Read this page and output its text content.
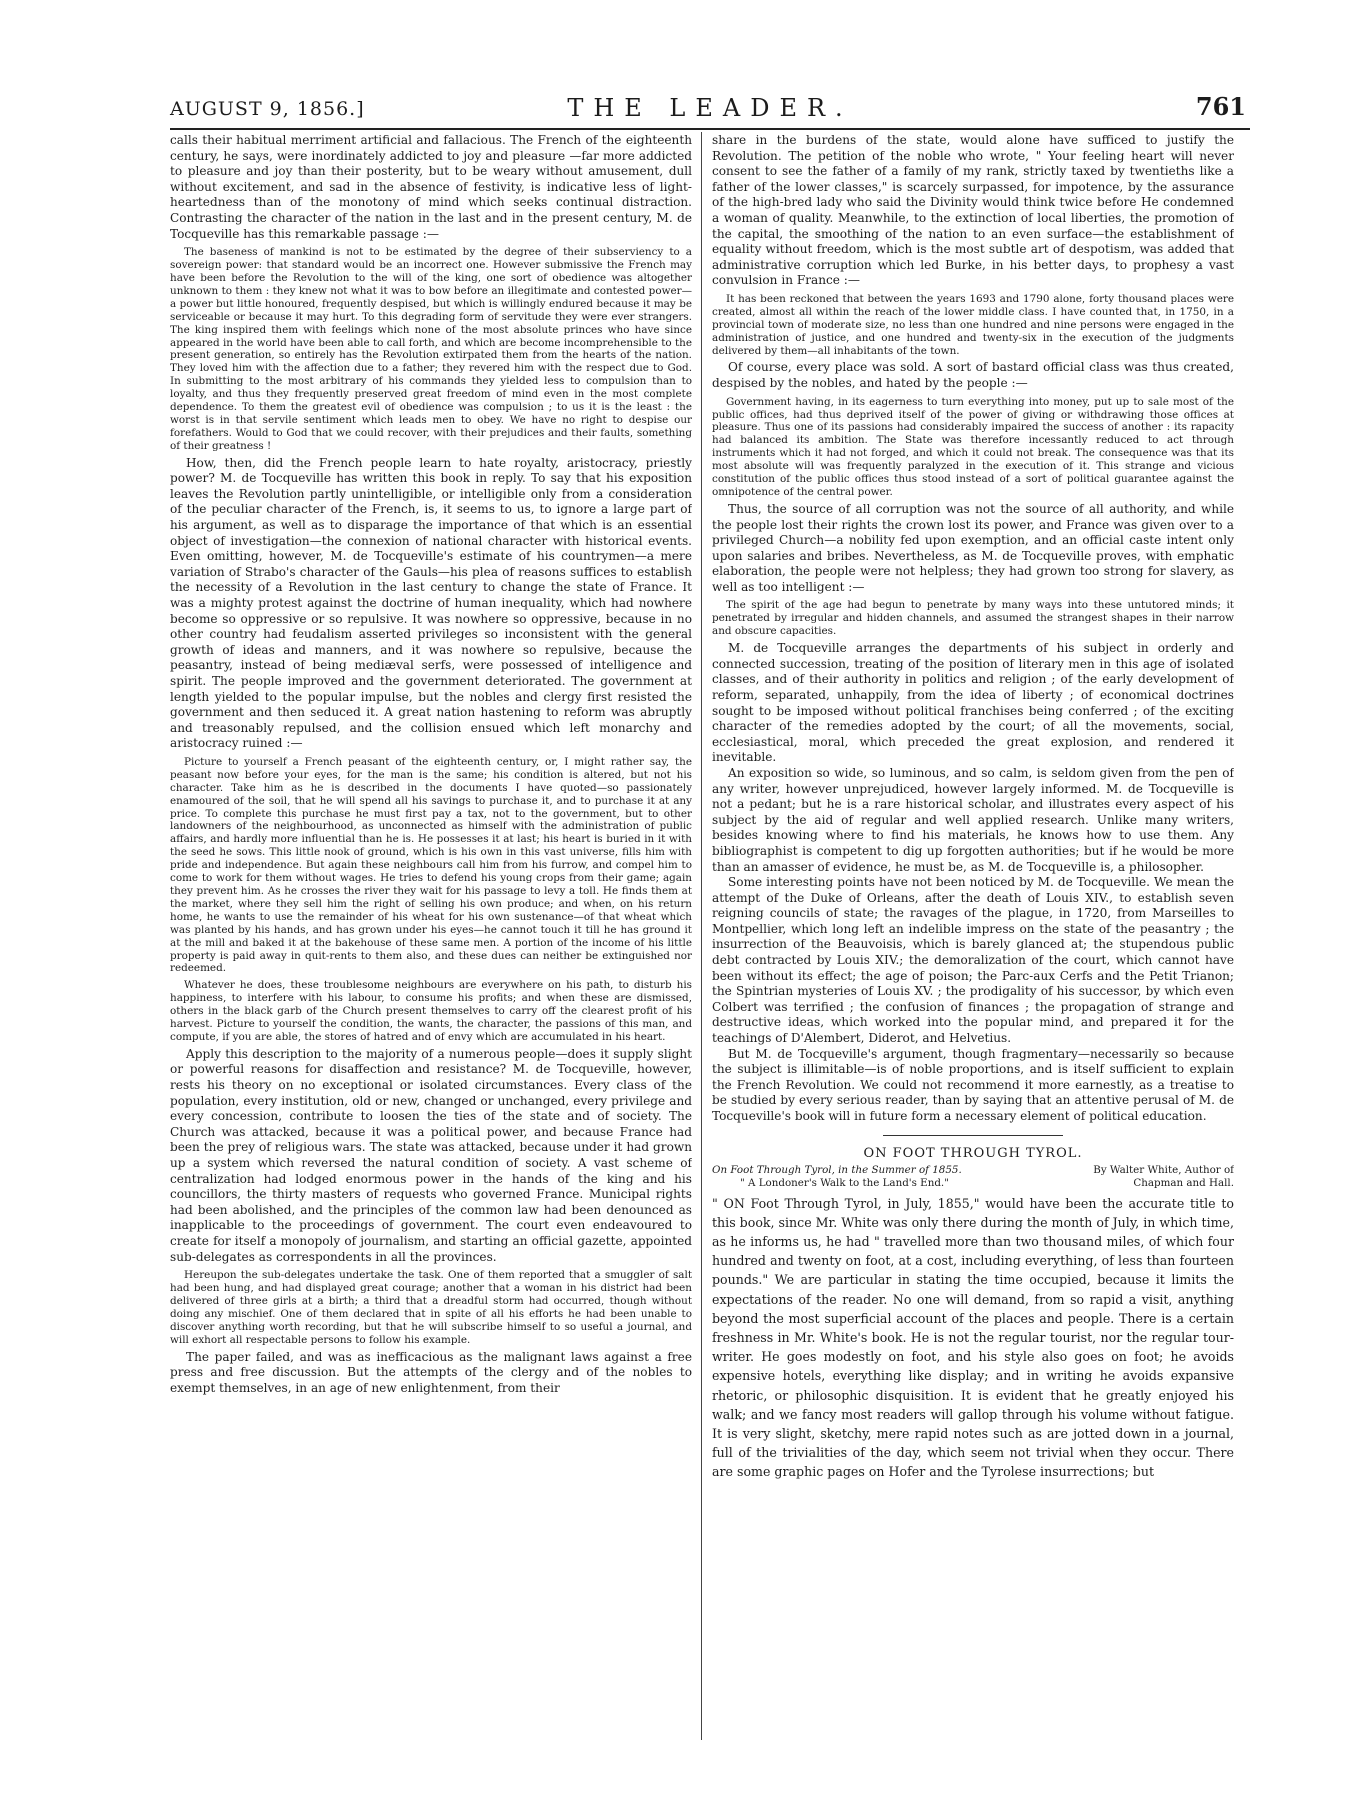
AUGUST 9, 1856.]	THE LEADER.	761

calls their habitual merriment artificial and fallacious. The French of the eighteenth century, he says, were inordinately addicted to joy and pleasure —far more addicted to pleasure and joy than their posterity, but to be weary without amusement, dull without excitement, and sad in the absence of festivity, is indicative less of light-heartedness than of the monotony of mind which seeks continual distraction. Contrasting the character of the nation in the last and in the present century, M. de Tocqueville has this remarkable passage :—

The baseness of mankind is not to be estimated by the degree of their subserviency to a sovereign power: that standard would be an incorrect one. However submissive the French may have been before the Revolution to the will of the king, one sort of obedience was altogether unknown to them : they knew not what it was to bow before an illegitimate and contested power—a power but little honoured, frequently despised, but which is willingly endured because it may be serviceable or because it may hurt. To this degrading form of servitude they were ever strangers. The king inspired them with feelings which none of the most absolute princes who have since appeared in the world have been able to call forth, and which are become incomprehensible to the present generation, so entirely has the Revolution extirpated them from the hearts of the nation. They loved him with the affection due to a father; they revered him with the respect due to God. In submitting to the most arbitrary of his commands they yielded less to compulsion than to loyalty, and thus they frequently preserved great freedom of mind even in the most complete dependence. To them the greatest evil of obedience was compulsion ; to us it is the least : the worst is in that servile sentiment which leads men to obey. We have no right to despise our forefathers. Would to God that we could recover, with their prejudices and their faults, something of their greatness !

How, then, did the French people learn to hate royalty, aristocracy, priestly power? M. de Tocqueville has written this book in reply. To say that his exposition leaves the Revolution partly unintelligible, or intelligible only from a consideration of the peculiar character of the French, is, it seems to us, to ignore a large part of his argument, as well as to disparage the importance of that which is an essential object of investigation—the connexion of national character with historical events. Even omitting, however, M. de Tocqueville's estimate of his countrymen—a mere variation of Strabo's character of the Gauls—his plea of reasons suffices to establish the necessity of a Revolution in the last century to change the state of France. It was a mighty protest against the doctrine of human inequality, which had nowhere become so oppressive or so repulsive. It was nowhere so oppressive, because in no other country had feudalism asserted privileges so inconsistent with the general growth of ideas and manners, and it was nowhere so repulsive, because the peasantry, instead of being mediæval serfs, were possessed of intelligence and spirit. The people improved and the government deteriorated. The government at length yielded to the popular impulse, but the nobles and clergy first resisted the government and then seduced it. A great nation hastening to reform was abruptly and treasonably repulsed, and the collision ensued which left monarchy and aristocracy ruined :—

Picture to yourself a French peasant of the eighteenth century, or, I might rather say, the peasant now before your eyes, for the man is the same; his condition is altered, but not his character. Take him as he is described in the documents I have quoted—so passionately enamoured of the soil, that he will spend all his savings to purchase it, and to purchase it at any price. To complete this purchase he must first pay a tax, not to the government, but to other landowners of the neighbourhood, as unconnected as himself with the administration of public affairs, and hardly more influential than he is. He possesses it at last; his heart is buried in it with the seed he sows. This little nook of ground, which is his own in this vast universe, fills him with pride and independence. But again these neighbours call him from his furrow, and compel him to come to work for them without wages. He tries to defend his young crops from their game; again they prevent him. As he crosses the river they wait for his passage to levy a toll. He finds them at the market, where they sell him the right of selling his own produce; and when, on his return home, he wants to use the remainder of his wheat for his own sustenance—of that wheat which was planted by his hands, and has grown under his eyes—he cannot touch it till he has ground it at the mill and baked it at the bakehouse of these same men. A portion of the income of his little property is paid away in quit-rents to them also, and these dues can neither be extinguished nor redeemed.

Whatever he does, these troublesome neighbours are everywhere on his path, to disturb his happiness, to interfere with his labour, to consume his profits; and when these are dismissed, others in the black garb of the Church present themselves to carry off the clearest profit of his harvest. Picture to yourself the condition, the wants, the character, the passions of this man, and compute, if you are able, the stores of hatred and of envy which are accumulated in his heart.

Apply this description to the majority of a numerous people—does it supply slight or powerful reasons for disaffection and resistance? M. de Tocqueville, however, rests his theory on no exceptional or isolated circumstances. Every class of the population, every institution, old or new, changed or unchanged, every privilege and every concession, contribute to loosen the ties of the state and of society. The Church was attacked, because it was a political power, and because France had been the prey of religious wars. The state was attacked, because under it had grown up a system which reversed the natural condition of society. A vast scheme of centralization had lodged enormous power in the hands of the king and his councillors, the thirty masters of requests who governed France. Municipal rights had been abolished, and the principles of the common law had been denounced as inapplicable to the proceedings of government. The court even endeavoured to create for itself a monopoly of journalism, and starting an official gazette, appointed sub-delegates as correspondents in all the provinces.

Hereupon the sub-delegates undertake the task. One of them reported that a smuggler of salt had been hung, and had displayed great courage; another that a woman in his district had been delivered of three girls at a birth; a third that a dreadful storm had occurred, though without doing any mischief. One of them declared that in spite of all his efforts he had been unable to discover anything worth recording, but that he will subscribe himself to so useful a journal, and will exhort all respectable persons to follow his example.

The paper failed, and was as inefficacious as the malignant laws against a free press and free discussion. But the attempts of the clergy and of the nobles to exempt themselves, in an age of new enlightenment, from their

share in the burdens of the state, would alone have sufficed to justify the Revolution. The petition of the noble who wrote, " Your feeling heart will never consent to see the father of a family of my rank, strictly taxed by twentieths like a father of the lower classes," is scarcely surpassed, for impotence, by the assurance of the high-bred lady who said the Divinity would think twice before He condemned a woman of quality. Meanwhile, to the extinction of local liberties, the promotion of the capital, the smoothing of the nation to an even surface—the establishment of equality without freedom, which is the most subtle art of despotism, was added that administrative corruption which led Burke, in his better days, to prophesy a vast convulsion in France :—

It has been reckoned that between the years 1693 and 1790 alone, forty thousand places were created, almost all within the reach of the lower middle class. I have counted that, in 1750, in a provincial town of moderate size, no less than one hundred and nine persons were engaged in the administration of justice, and one hundred and twenty-six in the execution of the judgments delivered by them—all inhabitants of the town.

Of course, every place was sold. A sort of bastard official class was thus created, despised by the nobles, and hated by the people :—

Government having, in its eagerness to turn everything into money, put up to sale most of the public offices, had thus deprived itself of the power of giving or withdrawing those offices at pleasure. Thus one of its passions had considerably impaired the success of another : its rapacity had balanced its ambition. The State was therefore incessantly reduced to act through instruments which it had not forged, and which it could not break. The consequence was that its most absolute will was frequently paralyzed in the execution of it. This strange and vicious constitution of the public offices thus stood instead of a sort of political guarantee against the omnipotence of the central power.

Thus, the source of all corruption was not the source of all authority, and while the people lost their rights the crown lost its power, and France was given over to a privileged Church—a nobility fed upon exemption, and an official caste intent only upon salaries and bribes. Nevertheless, as M. de Tocqueville proves, with emphatic elaboration, the people were not helpless; they had grown too strong for slavery, as well as too intelligent :—

The spirit of the age had begun to penetrate by many ways into these untutored minds; it penetrated by irregular and hidden channels, and assumed the strangest shapes in their narrow and obscure capacities.

M. de Tocqueville arranges the departments of his subject in orderly and connected succession, treating of the position of literary men in this age of isolated classes, and of their authority in politics and religion ; of the early development of reform, separated, unhappily, from the idea of liberty ; of economical doctrines sought to be imposed without political franchises being conferred ; of the exciting character of the remedies adopted by the court; of all the movements, social, ecclesiastical, moral, which preceded the great explosion, and rendered it inevitable.

An exposition so wide, so luminous, and so calm, is seldom given from the pen of any writer, however unprejudiced, however largely informed. M. de Tocqueville is not a pedant; but he is a rare historical scholar, and illustrates every aspect of his subject by the aid of regular and well applied research. Unlike many writers, besides knowing where to find his materials, he knows how to use them. Any bibliographist is competent to dig up forgotten authorities; but if he would be more than an amasser of evidence, he must be, as M. de Tocqueville is, a philosopher.

Some interesting points have not been noticed by M. de Tocqueville. We mean the attempt of the Duke of Orleans, after the death of Louis XIV., to establish seven reigning councils of state; the ravages of the plague, in 1720, from Marseilles to Montpellier, which long left an indelible impress on the state of the peasantry ; the insurrection of the Beauvoisis, which is barely glanced at; the stupendous public debt contracted by Louis XIV.; the demoralization of the court, which cannot have been without its effect; the age of poison; the Parc-aux Cerfs and the Petit Trianon; the Spintrian mysteries of Louis XV. ; the prodigality of his successor, by which even Colbert was terrified ; the confusion of finances ; the propagation of strange and destructive ideas, which worked into the popular mind, and prepared it for the teachings of D'Alembert, Diderot, and Helvetius.

But M. de Tocqueville's argument, though fragmentary—necessarily so because the subject is illimitable—is of noble proportions, and is itself sufficient to explain the French Revolution. We could not recommend it more earnestly, as a treatise to be studied by every serious reader, than by saying that an attentive perusal of M. de Tocqueville's book will in future form a necessary element of political education.

ON FOOT THROUGH TYROL.
On Foot Through Tyrol, in the Summer of 1855.	By Walter White, Author of
" A Londoner's Walk to the Land's End."	Chapman and Hall.

" ON Foot Through Tyrol, in July, 1855," would have been the accurate title to this book, since Mr. White was only there during the month of July, in which time, as he informs us, he had " travelled more than two thousand miles, of which four hundred and twenty on foot, at a cost, including everything, of less than fourteen pounds." We are particular in stating the time occupied, because it limits the expectations of the reader. No one will demand, from so rapid a visit, anything beyond the most superficial account of the places and people. There is a certain freshness in Mr. White's book. He is not the regular tourist, nor the regular tour-writer. He goes modestly on foot, and his style also goes on foot; he avoids expensive hotels, everything like display; and in writing he avoids expansive rhetoric, or philosophic disquisition. It is evident that he greatly enjoyed his walk; and we fancy most readers will gallop through his volume without fatigue. It is very slight, sketchy, mere rapid notes such as are jotted down in a journal, full of the trivialities of the day, which seem not trivial when they occur. There are some graphic pages on Hofer and the Tyrolese insurrections; but
